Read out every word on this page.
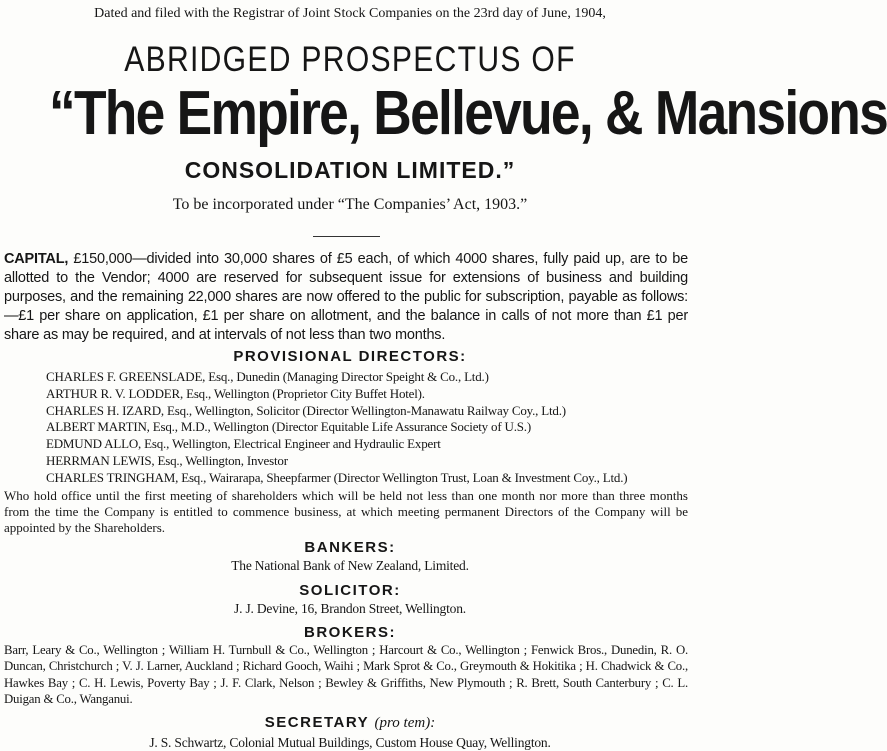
Dated and filed with the Registrar of Joint Stock Companies on the 23rd day of June, 1904,
ABRIDGED PROSPECTUS OF
“The Empire, Bellevue, & Mansions
CONSOLIDATION LIMITED.”
To be incorporated under “The Companies’ Act, 1903.”
CAPITAL, £150,000—divided into 30,000 shares of £5 each, of which 4000 shares, fully paid up, are to be allotted to the Vendor; 4000 are reserved for subsequent issue for extensions of business and building purposes, and the remaining 22,000 shares are now offered to the public for subscription, payable as follows:—£1 per share on application, £1 per share on allotment, and the balance in calls of not more than £1 per share as may be required, and at intervals of not less than two months.
PROVISIONAL DIRECTORS:
CHARLES F. GREENSLADE, Esq., Dunedin (Managing Director Speight & Co., Ltd.)
ARTHUR R. V. LODDER, Esq., Wellington (Proprietor City Buffet Hotel).
CHARLES H. IZARD, Esq., Wellington, Solicitor (Director Wellington-Manawatu Railway Coy., Ltd.)
ALBERT MARTIN, Esq., M.D., Wellington (Director Equitable Life Assurance Society of U.S.)
EDMUND ALLO, Esq., Wellington, Electrical Engineer and Hydraulic Expert
HERRMAN LEWIS, Esq., Wellington, Investor
CHARLES TRINGHAM, Esq., Wairarapa, Sheepfarmer (Director Wellington Trust, Loan & Investment Coy., Ltd.)
Who hold office until the first meeting of shareholders which will be held not less than one month nor more than three months from the time the Company is entitled to commence business, at which meeting permanent Directors of the Company will be appointed by the Shareholders.
BANKERS:
The National Bank of New Zealand, Limited.
SOLICITOR:
J. J. Devine, 16, Brandon Street, Wellington.
BROKERS:
Barr, Leary & Co., Wellington ; William H. Turnbull & Co., Wellington ; Harcourt & Co., Wellington ; Fenwick Bros., Dunedin, R. O. Duncan, Christchurch ; V. J. Larner, Auckland ; Richard Gooch, Waihi ; Mark Sprot & Co., Greymouth & Hokitika ; H. Chadwick & Co., Hawkes Bay ; C. H. Lewis, Poverty Bay ; J. F. Clark, Nelson ; Bewley & Griffiths, New Plymouth ; R. Brett, South Canterbury ; C. L. Duigan & Co., Wanganui.
SECRETARY (pro tem):
J. S. Schwartz, Colonial Mutual Buildings, Custom House Quay, Wellington.
